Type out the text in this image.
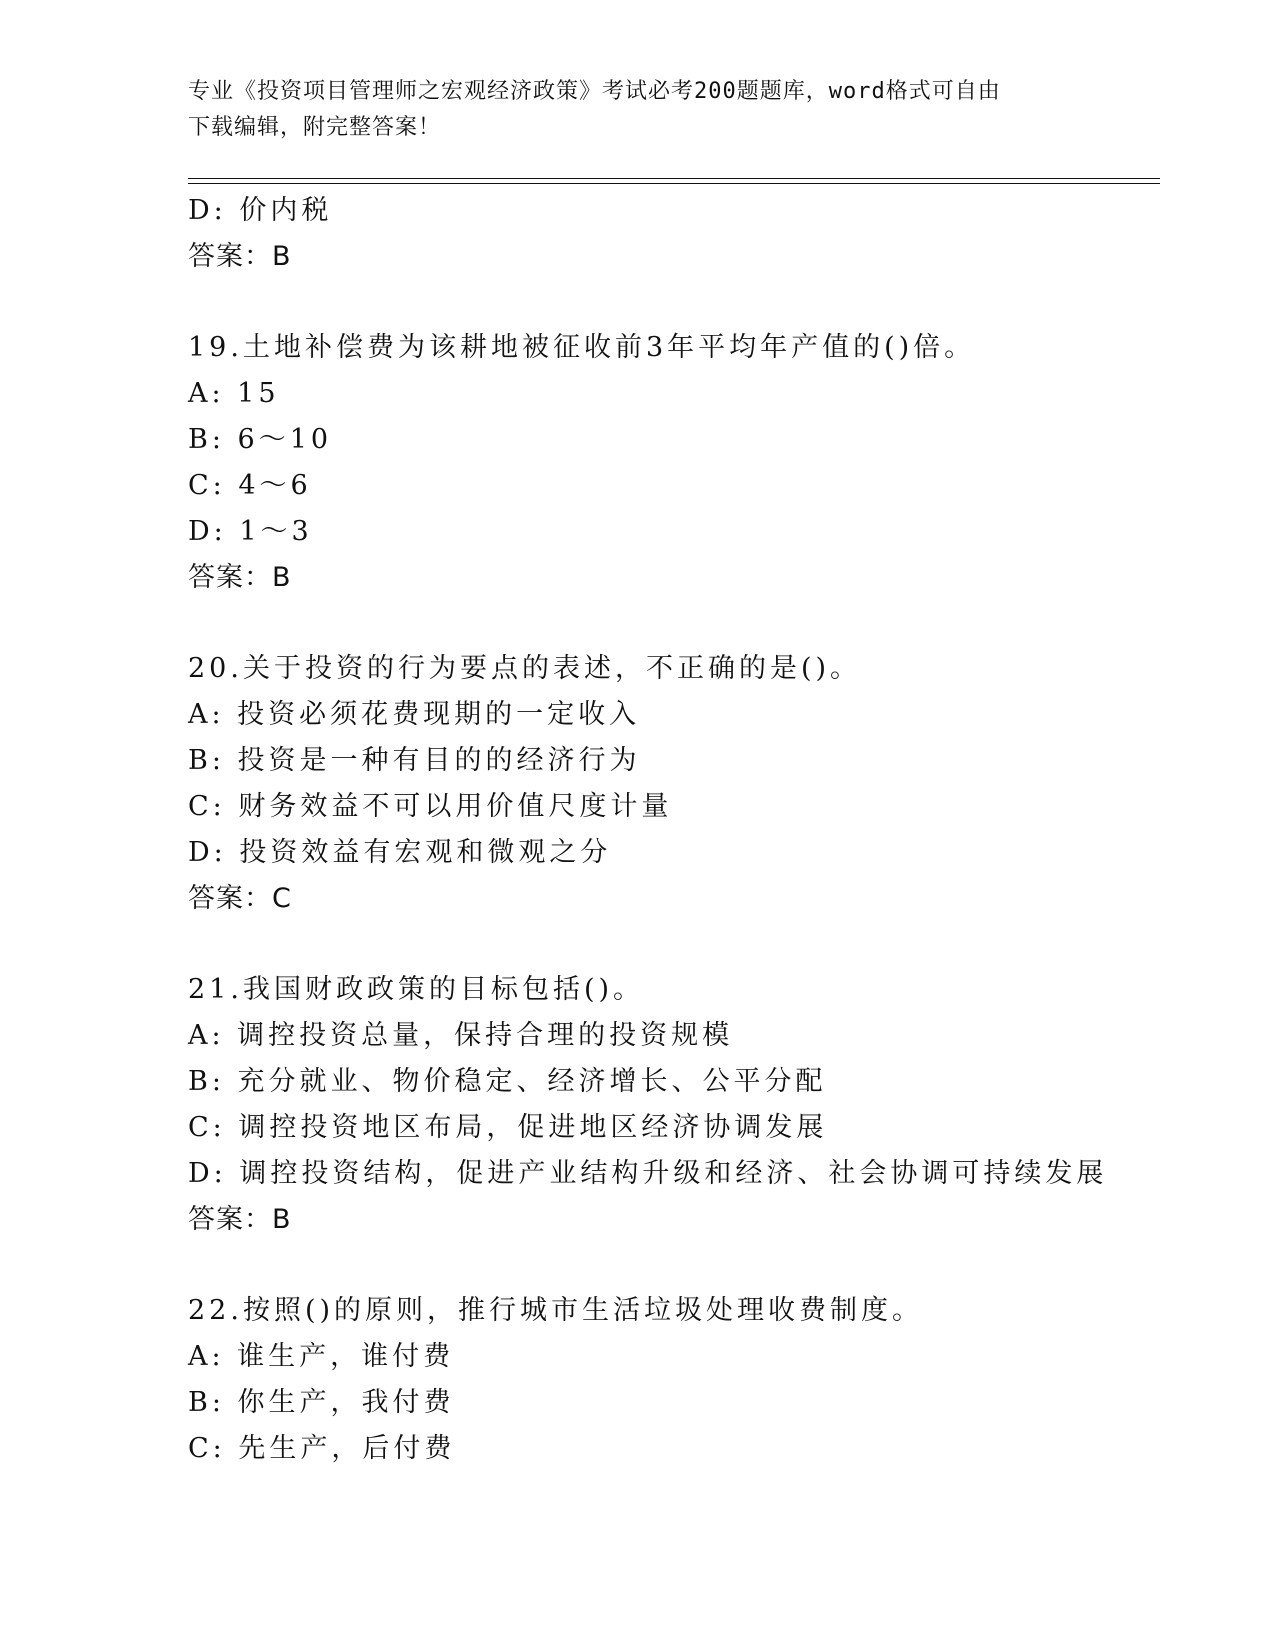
专业《投资项目管理师之宏观经济政策》考试必考200题题库，word格式可自由
下载编辑，附完整答案！
D: 价内税
答案：B
19.土地补偿费为该耕地被征收前3年平均年产值的()倍。
A: 15
B: 6～10
C: 4～6
D: 1～3
答案：B
20.关于投资的行为要点的表述，不正确的是()。
A: 投资必须花费现期的一定收入
B: 投资是一种有目的的经济行为
C: 财务效益不可以用价值尺度计量
D: 投资效益有宏观和微观之分
答案：C
21.我国财政政策的目标包括()。
A: 调控投资总量，保持合理的投资规模
B: 充分就业、物价稳定、经济增长、公平分配
C: 调控投资地区布局，促进地区经济协调发展
D: 调控投资结构，促进产业结构升级和经济、社会协调可持续发展
答案：B
22.按照()的原则，推行城市生活垃圾处理收费制度。
A: 谁生产，谁付费
B: 你生产，我付费
C: 先生产，后付费
